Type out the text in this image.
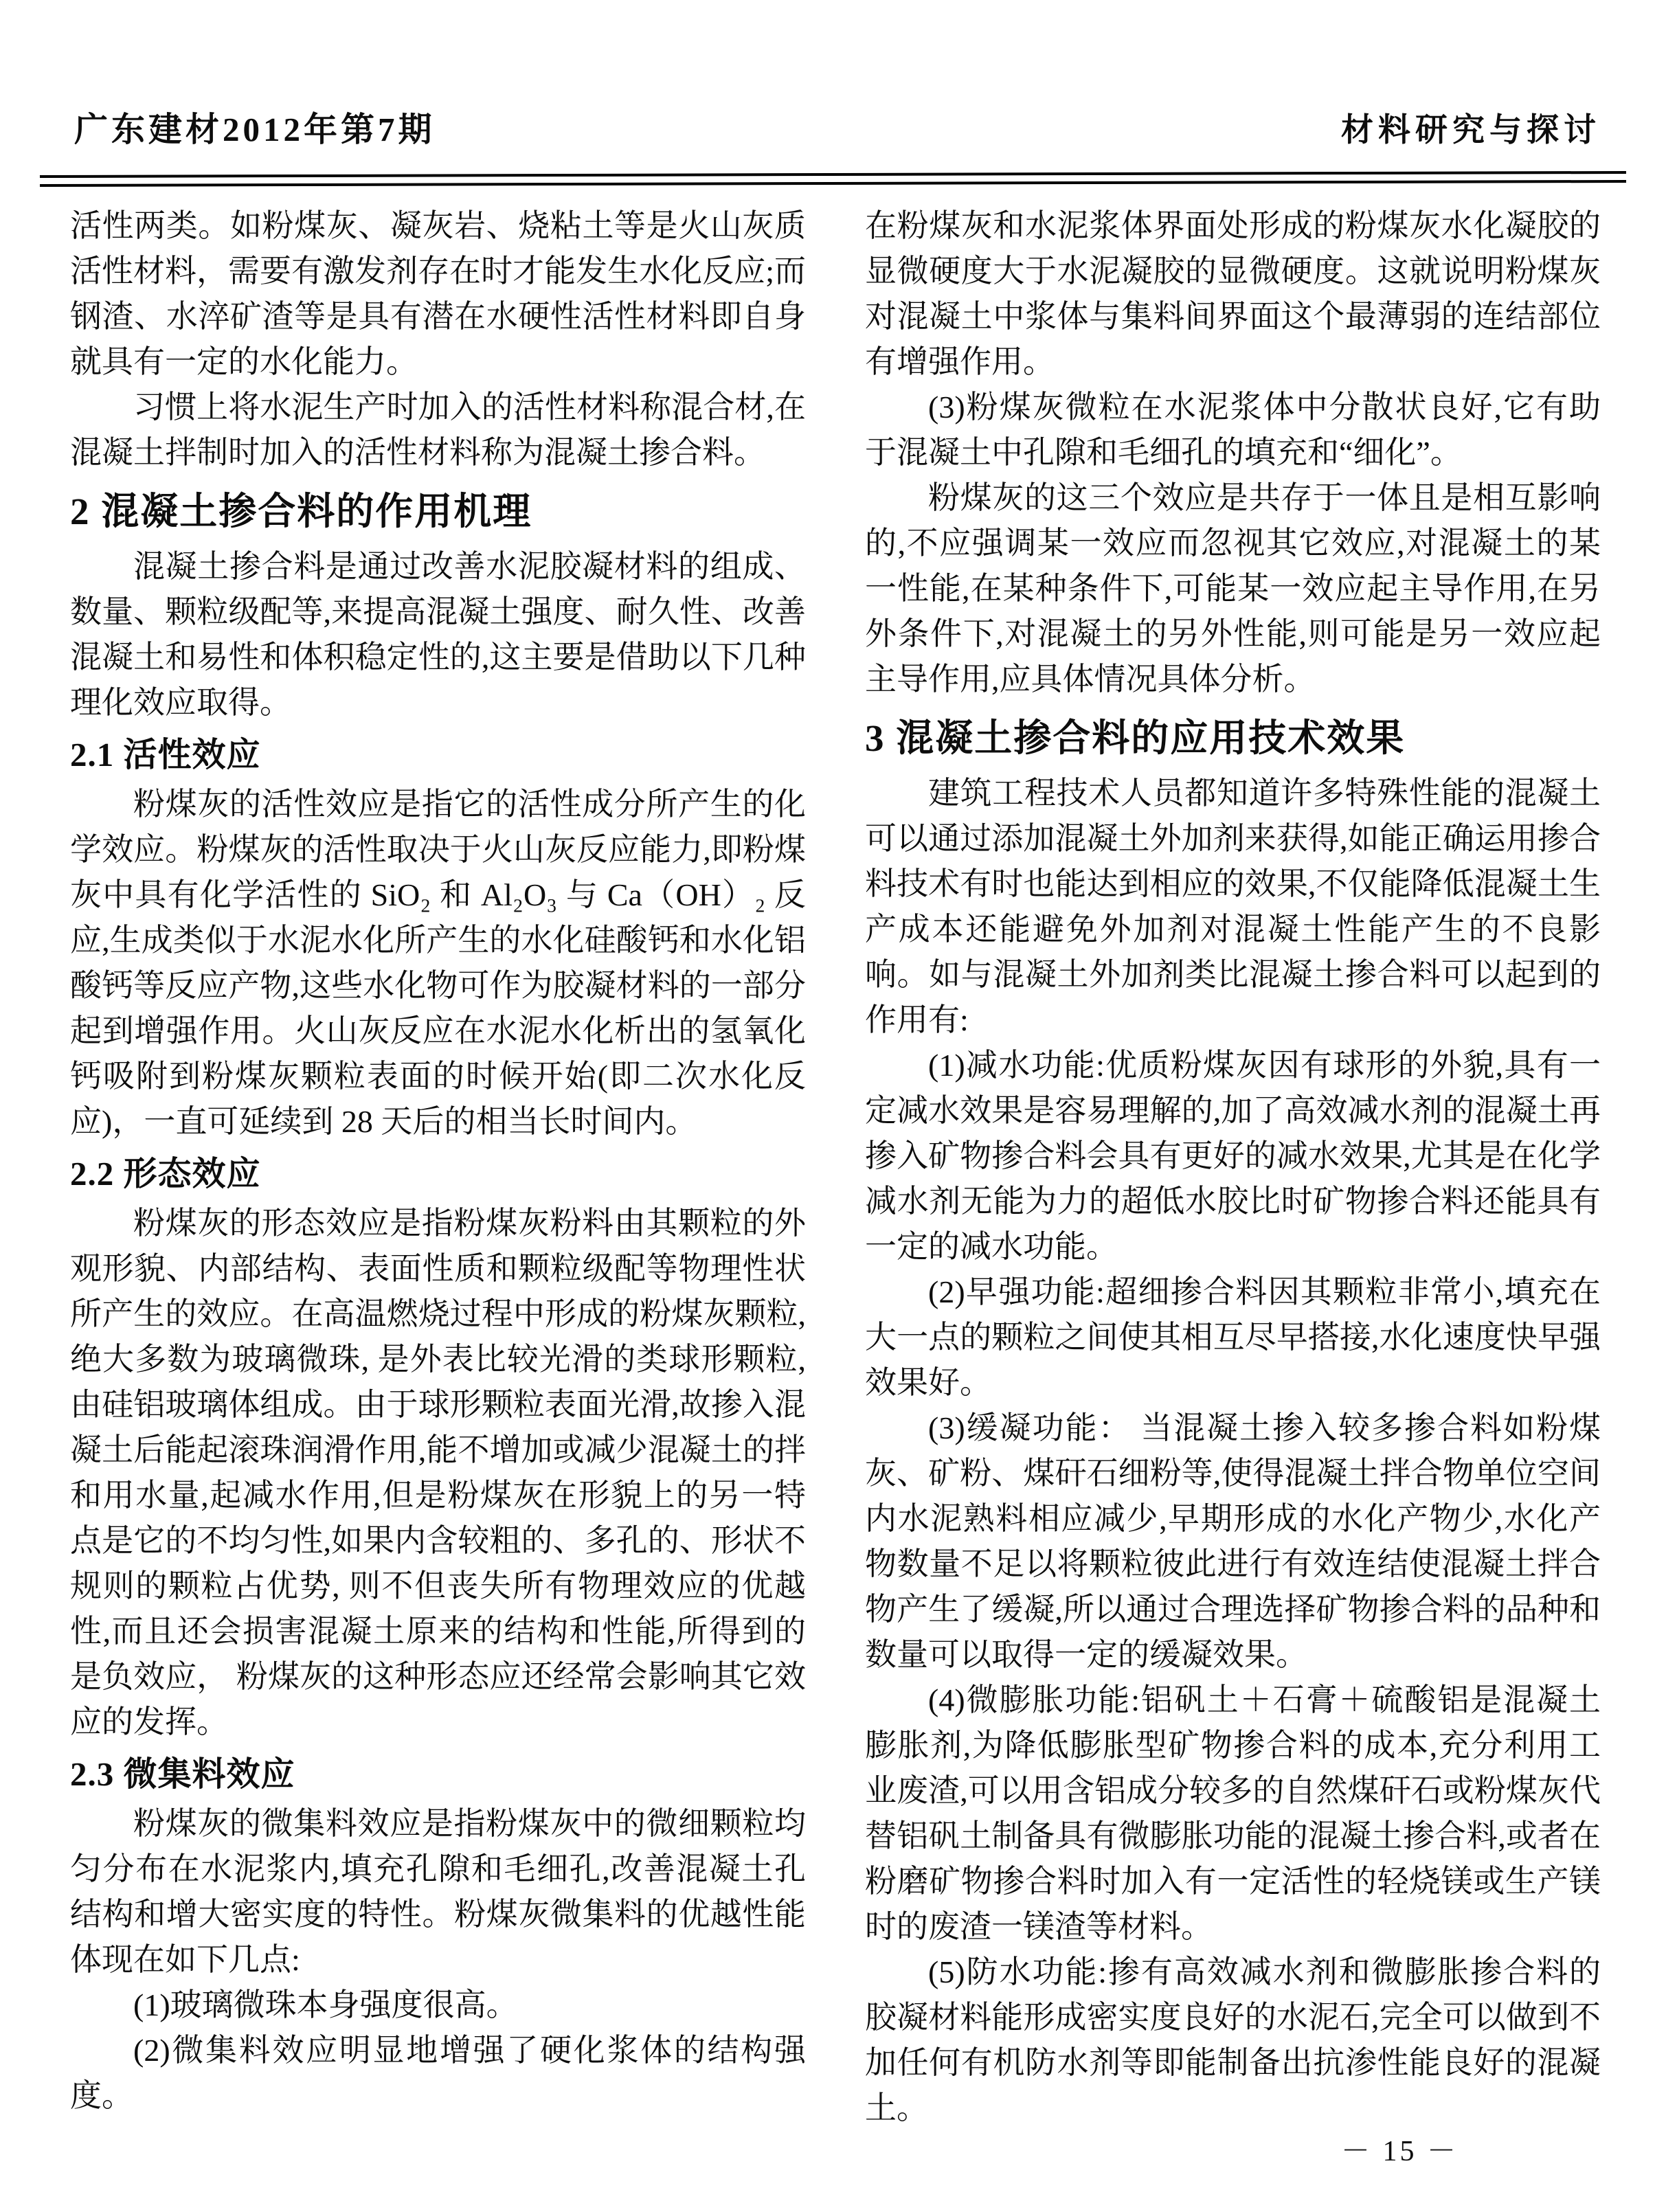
广东建材2012年第7期	材料研究与探讨

活性两类。如粉煤灰、凝灰岩、烧粘土等是火山灰质活性材料，需要有激发剂存在时才能发生水化反应;而钢渣、水淬矿渣等是具有潜在水硬性活性材料即自身就具有一定的水化能力。

习惯上将水泥生产时加入的活性材料称混合材,在混凝土拌制时加入的活性材料称为混凝土掺合料。

2 混凝土掺合料的作用机理

混凝土掺合料是通过改善水泥胶凝材料的组成、数量、颗粒级配等,来提高混凝土强度、耐久性、改善混凝土和易性和体积稳定性的,这主要是借助以下几种理化效应取得。

2.1 活性效应

粉煤灰的活性效应是指它的活性成分所产生的化学效应。粉煤灰的活性取决于火山灰反应能力,即粉煤灰中具有化学活性的 SiO₂ 和 Al₂O₃ 与 Ca（OH）₂ 反应,生成类似于水泥水化所产生的水化硅酸钙和水化铝酸钙等反应产物,这些水化物可作为胶凝材料的一部分起到增强作用。火山灰反应在水泥水化析出的氢氧化钙吸附到粉煤灰颗粒表面的时候开始(即二次水化反应)，一直可延续到 28 天后的相当长时间内。

2.2 形态效应

粉煤灰的形态效应是指粉煤灰粉料由其颗粒的外观形貌、内部结构、表面性质和颗粒级配等物理性状所产生的效应。在高温燃烧过程中形成的粉煤灰颗粒,绝大多数为玻璃微珠, 是外表比较光滑的类球形颗粒,由硅铝玻璃体组成。由于球形颗粒表面光滑,故掺入混凝土后能起滚珠润滑作用,能不增加或减少混凝土的拌和用水量,起减水作用,但是粉煤灰在形貌上的另一特点是它的不均匀性,如果内含较粗的、多孔的、形状不规则的颗粒占优势, 则不但丧失所有物理效应的优越性,而且还会损害混凝土原来的结构和性能,所得到的是负效应， 粉煤灰的这种形态应还经常会影响其它效应的发挥。

2.3 微集料效应

粉煤灰的微集料效应是指粉煤灰中的微细颗粒均匀分布在水泥浆内,填充孔隙和毛细孔,改善混凝土孔结构和增大密实度的特性。粉煤灰微集料的优越性能体现在如下几点:

(1)玻璃微珠本身强度很高。

(2)微集料效应明显地增强了硬化浆体的结构强度。

在粉煤灰和水泥浆体界面处形成的粉煤灰水化凝胶的显微硬度大于水泥凝胶的显微硬度。这就说明粉煤灰对混凝土中浆体与集料间界面这个最薄弱的连结部位有增强作用。

(3)粉煤灰微粒在水泥浆体中分散状良好,它有助于混凝土中孔隙和毛细孔的填充和“细化”。

粉煤灰的这三个效应是共存于一体且是相互影响的,不应强调某一效应而忽视其它效应,对混凝土的某一性能,在某种条件下,可能某一效应起主导作用,在另外条件下,对混凝土的另外性能,则可能是另一效应起主导作用,应具体情况具体分析。

3 混凝土掺合料的应用技术效果

建筑工程技术人员都知道许多特殊性能的混凝土可以通过添加混凝土外加剂来获得,如能正确运用掺合料技术有时也能达到相应的效果,不仅能降低混凝土生产成本还能避免外加剂对混凝土性能产生的不良影响。如与混凝土外加剂类比混凝土掺合料可以起到的作用有:

(1)减水功能:优质粉煤灰因有球形的外貌,具有一定减水效果是容易理解的,加了高效减水剂的混凝土再掺入矿物掺合料会具有更好的减水效果,尤其是在化学减水剂无能为力的超低水胶比时矿物掺合料还能具有一定的减水功能。

(2)早强功能:超细掺合料因其颗粒非常小,填充在大一点的颗粒之间使其相互尽早搭接,水化速度快早强效果好。

(3)缓凝功能： 当混凝土掺入较多掺合料如粉煤灰、矿粉、煤矸石细粉等,使得混凝土拌合物单位空间内水泥熟料相应减少,早期形成的水化产物少,水化产物数量不足以将颗粒彼此进行有效连结使混凝土拌合物产生了缓凝,所以通过合理选择矿物掺合料的品种和数量可以取得一定的缓凝效果。

(4)微膨胀功能:铝矾土＋石膏＋硫酸铝是混凝土膨胀剂,为降低膨胀型矿物掺合料的成本,充分利用工业废渣,可以用含铝成分较多的自然煤矸石或粉煤灰代替铝矾土制备具有微膨胀功能的混凝土掺合料,或者在粉磨矿物掺合料时加入有一定活性的轻烧镁或生产镁时的废渣一镁渣等材料。

(5)防水功能:掺有高效减水剂和微膨胀掺合料的胶凝材料能形成密实度良好的水泥石,完全可以做到不加任何有机防水剂等即能制备出抗渗性能良好的混凝土。

－ 15 －
